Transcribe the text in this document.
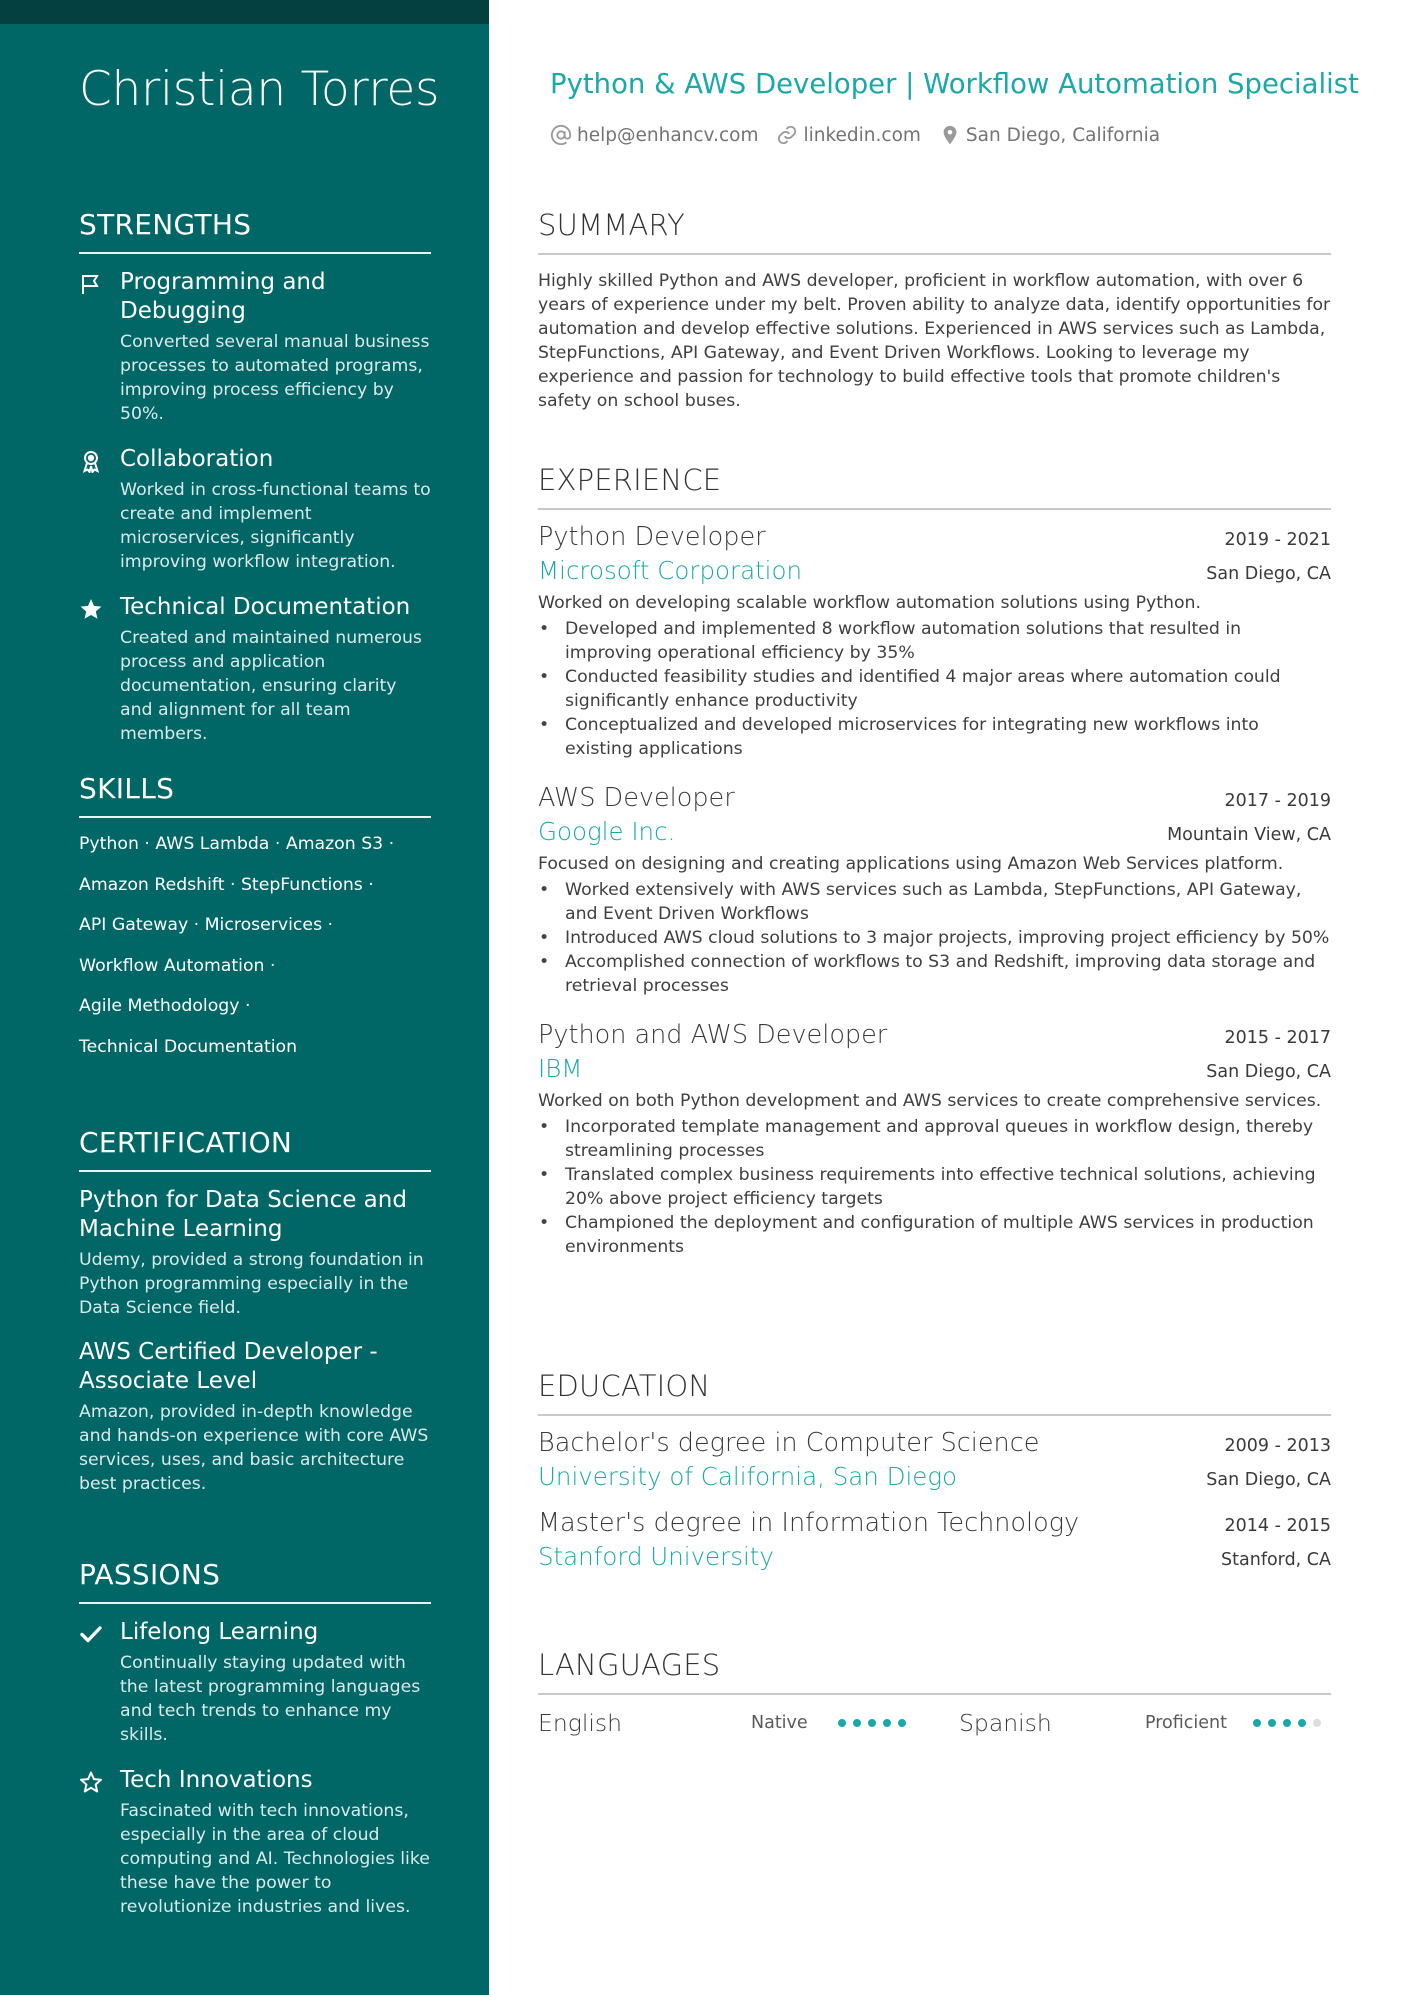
Christian Torres
STRENGTHS
Programming and Debugging
Converted several manual business processes to automated programs, improving process efficiency by 50%.
Collaboration
Worked in cross-functional teams to create and implement microservices, significantly improving workflow integration.
Technical Documentation
Created and maintained numerous process and application documentation, ensuring clarity and alignment for all team members.
SKILLS
Python · AWS Lambda · Amazon S3 ·
Amazon Redshift · StepFunctions ·
API Gateway · Microservices ·
Workflow Automation ·
Agile Methodology ·
Technical Documentation
CERTIFICATION
Python for Data Science and Machine Learning
Udemy, provided a strong foundation in Python programming especially in the Data Science field.
AWS Certified Developer - Associate Level
Amazon, provided in-depth knowledge and hands-on experience with core AWS services, uses, and basic architecture best practices.
PASSIONS
Lifelong Learning
Continually staying updated with the latest programming languages and tech trends to enhance my skills.
Tech Innovations
Fascinated with tech innovations, especially in the area of cloud computing and AI. Technologies like these have the power to revolutionize industries and lives.
Python & AWS Developer | Workflow Automation Specialist
help@enhancv.com linkedin.com San Diego, California
SUMMARY
Highly skilled Python and AWS developer, proficient in workflow automation, with over 6 years of experience under my belt. Proven ability to analyze data, identify opportunities for automation and develop effective solutions. Experienced in AWS services such as Lambda, StepFunctions, API Gateway, and Event Driven Workflows. Looking to leverage my experience and passion for technology to build effective tools that promote children's safety on school buses.
EXPERIENCE
Python Developer	2019 - 2021
Microsoft Corporation	San Diego, CA
Worked on developing scalable workflow automation solutions using Python.
• Developed and implemented 8 workflow automation solutions that resulted in improving operational efficiency by 35%
• Conducted feasibility studies and identified 4 major areas where automation could significantly enhance productivity
• Conceptualized and developed microservices for integrating new workflows into existing applications
AWS Developer	2017 - 2019
Google Inc.	Mountain View, CA
Focused on designing and creating applications using Amazon Web Services platform.
• Worked extensively with AWS services such as Lambda, StepFunctions, API Gateway, and Event Driven Workflows
• Introduced AWS cloud solutions to 3 major projects, improving project efficiency by 50%
• Accomplished connection of workflows to S3 and Redshift, improving data storage and retrieval processes
Python and AWS Developer	2015 - 2017
IBM	San Diego, CA
Worked on both Python development and AWS services to create comprehensive services.
• Incorporated template management and approval queues in workflow design, thereby streamlining processes
• Translated complex business requirements into effective technical solutions, achieving 20% above project efficiency targets
• Championed the deployment and configuration of multiple AWS services in production environments
EDUCATION
Bachelor's degree in Computer Science	2009 - 2013
University of California, San Diego	San Diego, CA
Master's degree in Information Technology	2014 - 2015
Stanford University	Stanford, CA
LANGUAGES
English	Native	Spanish	Proficient
